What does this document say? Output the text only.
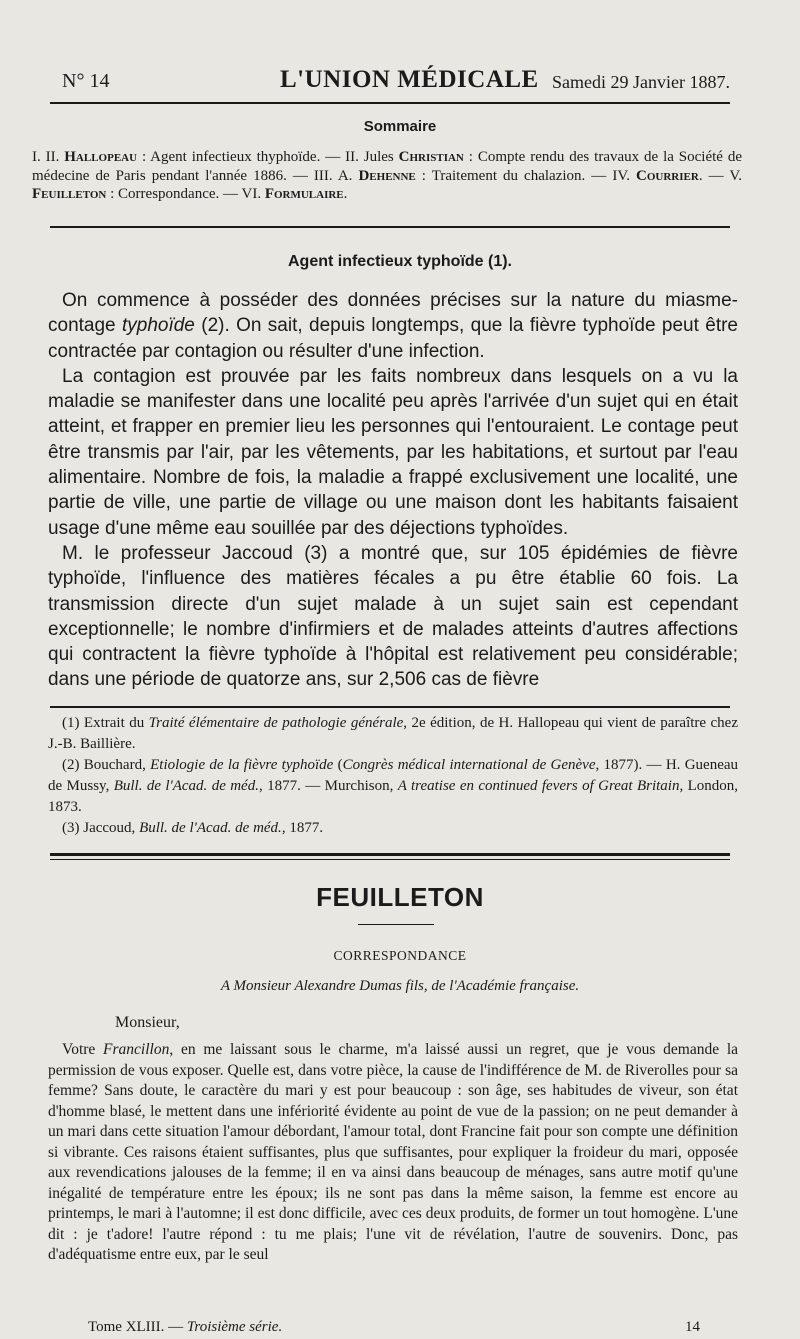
N° 14	L'UNION MÉDICALE Samedi 29 Janvier 1887.
Sommaire
I. II. Hallopeau : Agent infectieux thyphoïde. — II. Jules Christian : Compte rendu des travaux de la Société de médecine de Paris pendant l'année 1886. — III. A. Dehenne : Traitement du chalazion. — IV. Courrier. — V. Feuilleton : Correspondance. — VI. Formulaire.
Agent infectieux typhoïde (1).

On commence à posséder des données précises sur la nature du miasme-contage typhoïde (2). On sait, depuis longtemps, que la fièvre typhoïde peut être contractée par contagion ou résulter d'une infection.

La contagion est prouvée par les faits nombreux dans lesquels on a vu la maladie se manifester dans une localité peu après l'arrivée d'un sujet qui en était atteint, et frapper en premier lieu les personnes qui l'entouraient. Le contage peut être transmis par l'air, par les vêtements, par les habitations, et surtout par l'eau alimentaire. Nombre de fois, la maladie a frappé exclusivement une localité, une partie de ville, une partie de village ou une maison dont les habitants faisaient usage d'une même eau souillée par des déjections typhoïdes.

M. le professeur Jaccoud (3) a montré que, sur 105 épidémies de fièvre typhoïde, l'influence des matières fécales a pu être établie 60 fois. La transmission directe d'un sujet malade à un sujet sain est cependant exceptionnelle; le nombre d'infirmiers et de malades atteints d'autres affections qui contractent la fièvre typhoïde à l'hôpital est relativement peu considérable; dans une période de quatorze ans, sur 2,506 cas de fièvre

(1) Extrait du Traité élémentaire de pathologie générale, 2e édition, de H. Hallopeau qui vient de paraître chez J.-B. Baillière.

(2) Bouchard, Etiologie de la fièvre typhoïde (Congrès médical international de Genève, 1877). — H. Gueneau de Mussy, Bull. de l'Acad. de méd., 1877. — Murchison, A treatise en continued fevers of Great Britain, London, 1873.

(3) Jaccoud, Bull. de l'Acad. de méd., 1877.

FEUILLETON
CORRESPONDANCE
A Monsieur Alexandre Dumas fils, de l'Académie française.
Monsieur,

Votre Francillon, en me laissant sous le charme, m'a laissé aussi un regret, que je vous demande la permission de vous exposer. Quelle est, dans votre pièce, la cause de l'indifférence de M. de Riverolles pour sa femme? Sans doute, le caractère du mari y est pour beaucoup : son âge, ses habitudes de viveur, son état d'homme blasé, le mettent dans une infériorité évidente au point de vue de la passion; on ne peut demander à un mari dans cette situation l'amour débordant, l'amour total, dont Francine fait pour son compte une définition si vibrante. Ces raisons étaient suffisantes, plus que suffisantes, pour expliquer la froideur du mari, opposée aux revendications jalouses de la femme; il en va ainsi dans beaucoup de ménages, sans autre motif qu'une inégalité de température entre les époux; ils ne sont pas dans la même saison, la femme est encore au printemps, le mari à l'automne; il est donc difficile, avec ces deux produits, de former un tout homogène. L'une dit : je t'adore! l'autre répond : tu me plais; l'une vit de révélation, l'autre de souvenirs. Donc, pas d'adéquatisme entre eux, par le seul

Tome XLIII. — Troisième série.	14
